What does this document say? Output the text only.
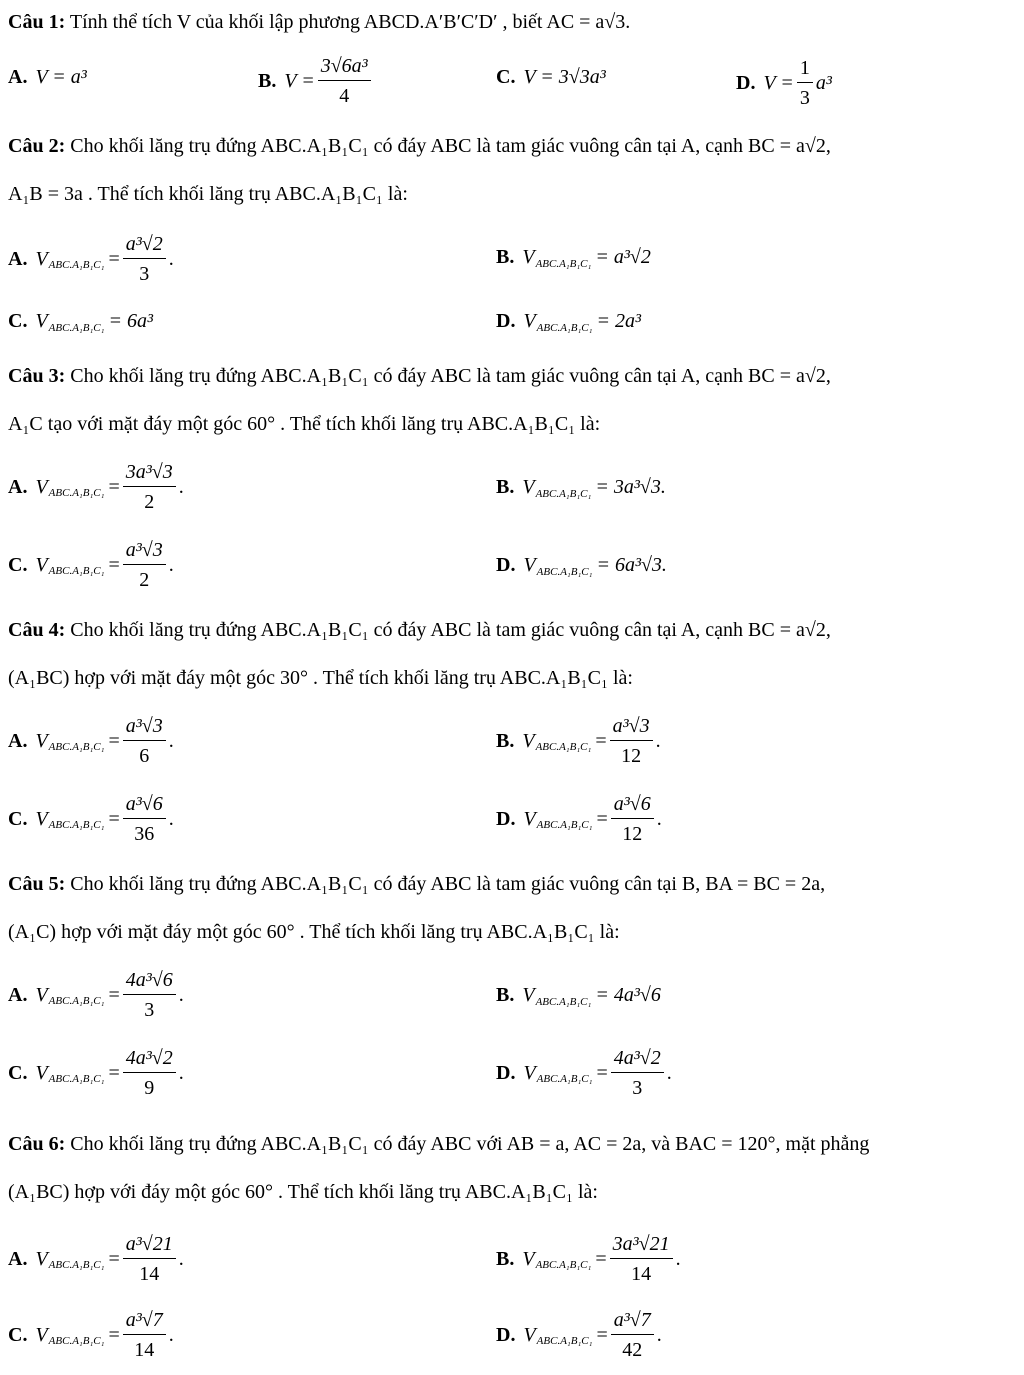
Câu 1: Tính thể tích V của khối lập phương ABCD.A′B′C′D′ , biết AC = a√3.
A. V = a³	B. $V = \frac{\text{3√6a³}}{4}$	C. V = 3√3a³	D. $V = \frac{1}{3} a^3$
Câu 2: Cho khối lăng trụ đứng ABC.A₁B₁C₁ có đáy ABC là tam giác vuông cân tại A, cạnh BC = a√2,
A₁B = 3a . Thể tích khối lăng trụ ABC.A₁B₁C₁ là:
A. V $ABC.A_1B_1C_1 = \frac{\text{a³√2}}{3}$ .	B. V ABC.A₁B₁C₁ = a³√2
C. V ABC.A₁B₁C₁ = 6a³	D. V ABC.A₁B₁C₁ = 2a³
Câu 3: Cho khối lăng trụ đứng ABC.A₁B₁C₁ có đáy ABC là tam giác vuông cân tại A, cạnh BC = a√2,
A₁C tạo với mặt đáy một góc 60° . Thể tích khối lăng trụ ABC.A₁B₁C₁ là:
A. V $ABC.A_1B_1C_1 = \frac{\text{3a³√3}}{2}$ .	B. V ABC.A₁B₁C₁ = 3a³√3.
C. V $ABC.A_1B_1C_1 = \frac{\text{a³√3}}{2}$ .	D. V ABC.A₁B₁C₁ = 6a³√3.
Câu 4: Cho khối lăng trụ đứng ABC.A₁B₁C₁ có đáy ABC là tam giác vuông cân tại A, cạnh BC = a√2,
(A₁BC) hợp với mặt đáy một góc 30° . Thể tích khối lăng trụ ABC.A₁B₁C₁ là:
A. V $ABC.A_1B_1C_1 = \frac{\text{a³√3}}{6}$ .	B. V $ABC.A_1B_1C_1 = \frac{\text{a³√3}}{12}$ .
C. V $ABC.A_1B_1C_1 = \frac{\text{a³√6}}{36}$ .	D. V $ABC.A_1B_1C_1 = \frac{\text{a³√6}}{12}$ .
Câu 5: Cho khối lăng trụ đứng ABC.A₁B₁C₁ có đáy ABC là tam giác vuông cân tại B, BA = BC = 2a,
(A₁C) hợp với mặt đáy một góc 60° . Thể tích khối lăng trụ ABC.A₁B₁C₁ là:
A. V $ABC.A_1B_1C_1 = \frac{\text{4a³√6}}{3}$ .	B. V ABC.A₁B₁C₁ = 4a³√6
C. V $ABC.A_1B_1C_1 = \frac{\text{4a³√2}}{9}$ .	D. V $ABC.A_1B_1C_1 = \frac{\text{4a³√2}}{3}$ .
Câu 6: Cho khối lăng trụ đứng ABC.A₁B₁C₁ có đáy ABC với AB = a, AC = 2a, và BAC = 120°, mặt phẳng
(A₁BC) hợp với đáy một góc 60° . Thể tích khối lăng trụ ABC.A₁B₁C₁ là:
A. V $ABC.A_1B_1C_1 = \frac{\text{a³√21}}{14}$ .	B. V $ABC.A_1B_1C_1 = \frac{\text{3a³√21}}{14}$ .
C. V $ABC.A_1B_1C_1 = \frac{\text{a³√7}}{14}$ .	D. V $ABC.A_1B_1C_1 = \frac{\text{a³√7}}{42}$ .
